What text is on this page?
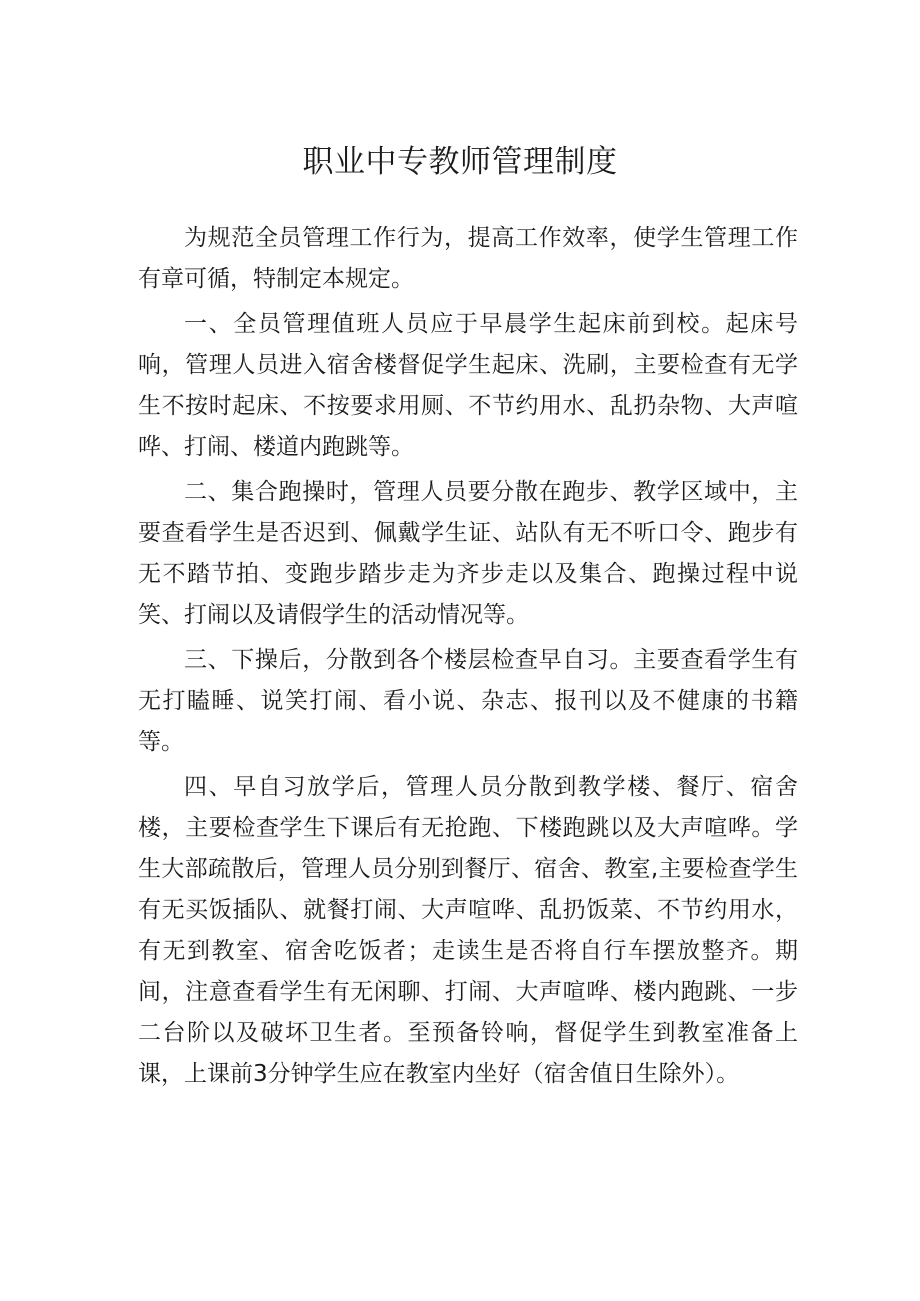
职业中专教师管理制度

为规范全员管理工作行为，提高工作效率，使学生管理工作有章可循，特制定本规定。

一、全员管理值班人员应于早晨学生起床前到校。起床号响，管理人员进入宿舍楼督促学生起床、洗刷，主要检查有无学生不按时起床、不按要求用厕、不节约用水、乱扔杂物、大声喧哗、打闹、楼道内跑跳等。

二、集合跑操时，管理人员要分散在跑步、教学区域中，主要查看学生是否迟到、佩戴学生证、站队有无不听口令、跑步有无不踏节拍、变跑步踏步走为齐步走以及集合、跑操过程中说笑、打闹以及请假学生的活动情况等。

三、下操后，分散到各个楼层检查早自习。主要查看学生有无打瞌睡、说笑打闹、看小说、杂志、报刊以及不健康的书籍等。

四、早自习放学后，管理人员分散到教学楼、餐厅、宿舍楼，主要检查学生下课后有无抢跑、下楼跑跳以及大声喧哗。学生大部疏散后，管理人员分别到餐厅、宿舍、教室,主要检查学生有无买饭插队、就餐打闹、大声喧哗、乱扔饭菜、不节约用水，有无到教室、宿舍吃饭者；走读生是否将自行车摆放整齐。期间，注意查看学生有无闲聊、打闹、大声喧哗、楼内跑跳、一步二台阶以及破坏卫生者。至预备铃响，督促学生到教室准备上课，上课前3分钟学生应在教室内坐好（宿舍值日生除外）。
